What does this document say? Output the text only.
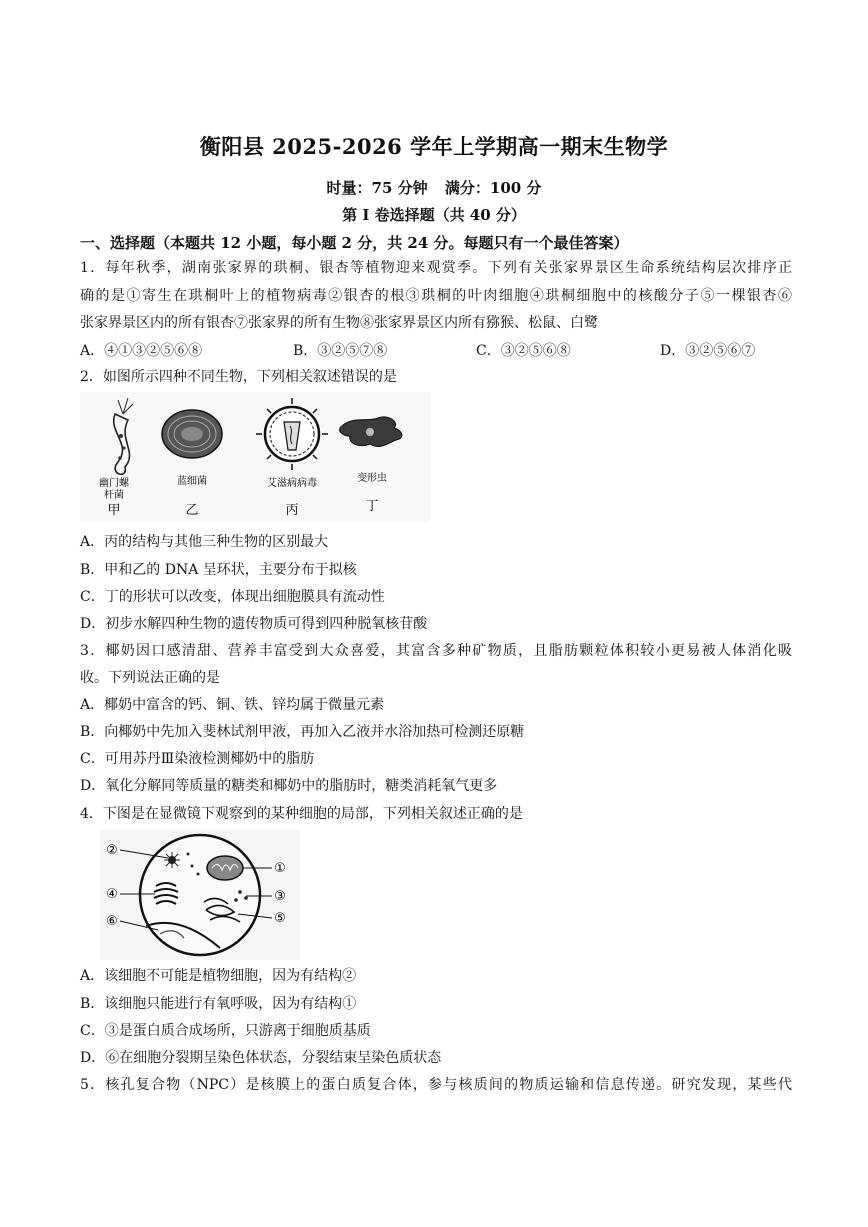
衡阳县 2025-2026 学年上学期高一期末生物学
时量：75 分钟 满分：100 分
第 I 卷选择题（共 40 分）
一、选择题（本题共 12 小题，每小题 2 分，共 24 分。每题只有一个最佳答案）
1．每年秋季，湖南张家界的珙桐、银杏等植物迎来观赏季。下列有关张家界景区生命系统结构层次排序正
确的是①寄生在珙桐叶上的植物病毒②银杏的根③珙桐的叶肉细胞④珙桐细胞中的核酸分子⑤一棵银杏⑥
张家界景区内的所有银杏⑦张家界的所有生物⑧张家界景区内所有猕猴、松鼠、白鹭
A．④①③②⑤⑥⑧	B．③②⑤⑦⑧	C．③②⑤⑥⑧	D．③②⑤⑥⑦
2．如图所示四种不同生物，下列相关叙述错误的是
幽门螺
杆菌
蓝细菌	艾滋病病毒	变形虫
甲	乙	丙	丁
A．丙的结构与其他三种生物的区别最大
B．甲和乙的 DNA 呈环状，主要分布于拟核
C．丁的形状可以改变，体现出细胞膜具有流动性
D．初步水解四种生物的遗传物质可得到四种脱氧核苷酸
3．椰奶因口感清甜、营养丰富受到大众喜爱，其富含多种矿物质，且脂肪颗粒体积较小更易被人体消化吸
收。下列说法正确的是
A．椰奶中富含的钙、铜、铁、锌均属于微量元素
B．向椰奶中先加入斐林试剂甲液，再加入乙液并水浴加热可检测还原糖
C．可用苏丹Ⅲ染液检测椰奶中的脂肪
D．氧化分解同等质量的糖类和椰奶中的脂肪时，糖类消耗氧气更多
4．下图是在显微镜下观察到的某种细胞的局部，下列相关叙述正确的是
②
④
⑥
①
③
⑤
A．该细胞不可能是植物细胞，因为有结构②
B．该细胞只能进行有氧呼吸，因为有结构①
C．③是蛋白质合成场所，只游离于细胞质基质
D．⑥在细胞分裂期呈染色体状态，分裂结束呈染色质状态
5．核孔复合物（NPC）是核膜上的蛋白质复合体，参与核质间的物质运输和信息传递。研究发现，某些代
